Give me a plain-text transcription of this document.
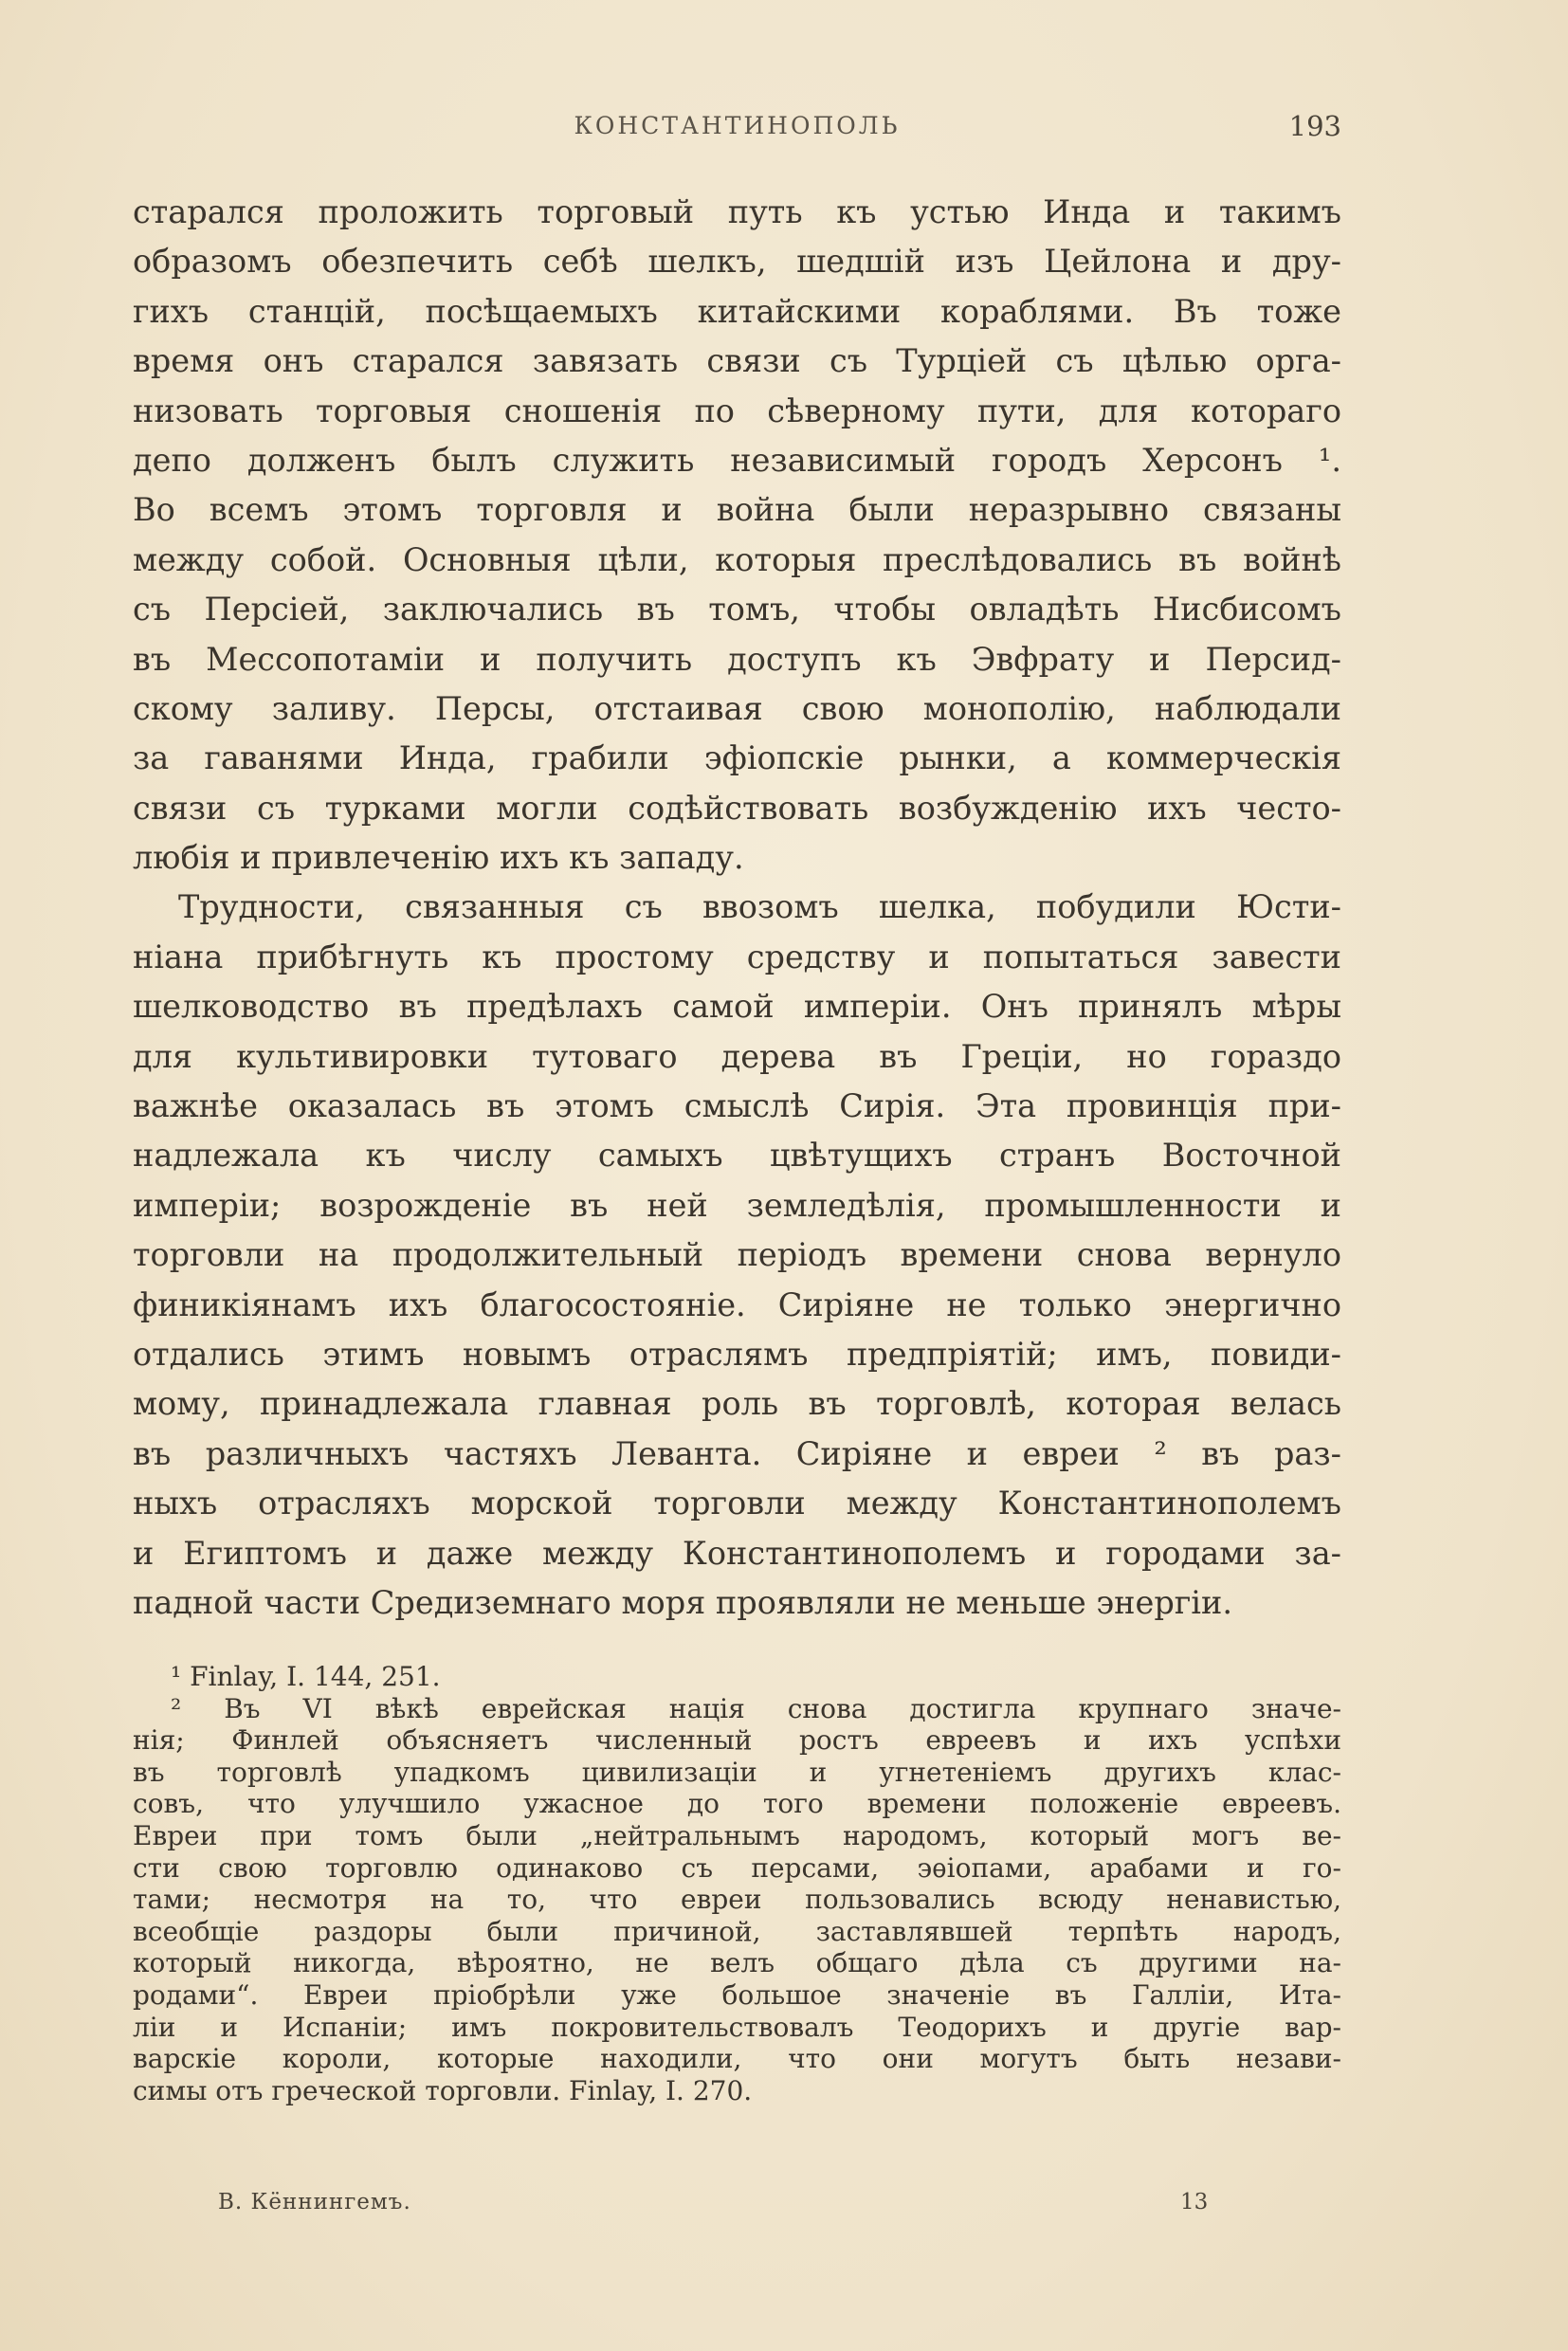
КОНСТАНТИНОПОЛЬ	193
старался проложить торговый путь къ устью Инда и такимъ
образомъ обезпечить себѣ шелкъ, шедшій изъ Цейлона и дру-
гихъ станцій, посѣщаемыхъ китайскими кораблями. Въ тоже
время онъ старался завязать связи съ Турціей съ цѣлью орга-
низовать торговыя сношенія по сѣверному пути, для котораго
депо долженъ былъ служить независимый городъ Херсонъ ¹.
Во всемъ этомъ торговля и война были неразрывно связаны
между собой. Основныя цѣли, которыя преслѣдовались въ войнѣ
съ Персіей, заключались въ томъ, чтобы овладѣть Нисбисомъ
въ Мессопотаміи и получить доступъ къ Эвфрату и Персид-
скому заливу. Персы, отстаивая свою монополію, наблюдали
за гаванями Инда, грабили эфіопскіе рынки, а коммерческія
связи съ турками могли содѣйствовать возбужденію ихъ често-
любія и привлеченію ихъ къ западу.
Трудности, связанныя съ ввозомъ шелка, побудили Юсти-
ніана прибѣгнуть къ простому средству и попытаться завести
шелководство въ предѣлахъ самой имперіи. Онъ принялъ мѣры
для культивировки тутоваго дерева въ Греціи, но гораздо
важнѣе оказалась въ этомъ смыслѣ Сирія. Эта провинція при-
надлежала къ числу самыхъ цвѣтущихъ странъ Восточной
имперіи; возрожденіе въ ней земледѣлія, промышленности и
торговли на продолжительный періодъ времени снова вернуло
финикіянамъ ихъ благосостояніе. Сиріяне не только энергично
отдались этимъ новымъ отраслямъ предпріятій; имъ, повиди-
мому, принадлежала главная роль въ торговлѣ, которая велась
въ различныхъ частяхъ Леванта. Сиріяне и евреи ² въ раз-
ныхъ отрасляхъ морской торговли между Константинополемъ
и Египтомъ и даже между Константинополемъ и городами за-
падной части Средиземнаго моря проявляли не меньше энергіи.
¹ Finlay, I. 144, 251.
² Въ VI вѣкѣ еврейская нація снова достигла крупнаго значе-
нія; Финлей объясняетъ численный ростъ евреевъ и ихъ успѣхи
въ торговлѣ упадкомъ цивилизаціи и угнетеніемъ другихъ клас-
совъ, что улучшило ужасное до того времени положеніе евреевъ.
Евреи при томъ были „нейтральнымъ народомъ, который могъ ве-
сти свою торговлю одинаково съ персами, эѳіопами, арабами и го-
тами; несмотря на то, что евреи пользовались всюду ненавистью,
всеобщіе раздоры были причиной, заставлявшей терпѣть народъ,
который никогда, вѣроятно, не велъ общаго дѣла съ другими на-
родами“. Евреи пріобрѣли уже большое значеніе въ Галліи, Ита-
ліи и Испаніи; имъ покровительствовалъ Теодорихъ и другіе вар-
варскіе короли, которые находили, что они могутъ быть незави-
симы отъ греческой торговли. Finlay, I. 270.
В. Кённингемъ.	13
